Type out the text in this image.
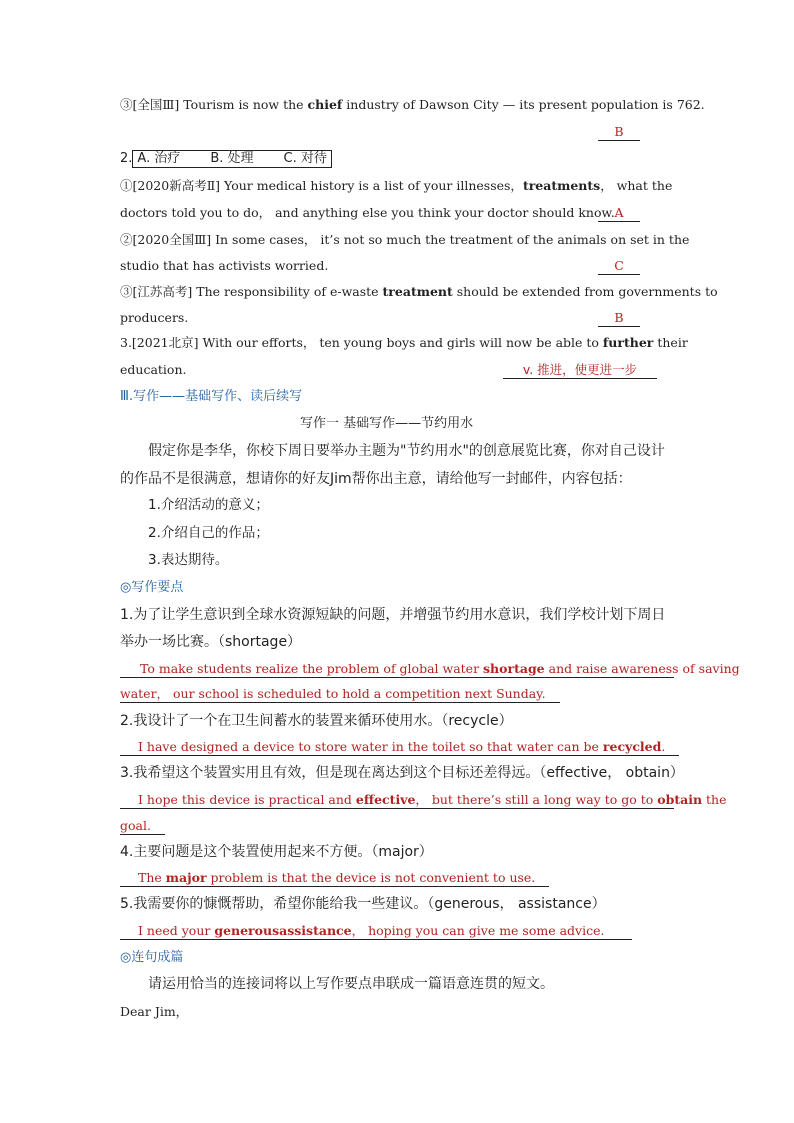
③[全国Ⅲ] Tourism is now the chief industry of Dawson City — its present population is 762.
B
2. A. 治疗 B. 处理 C. 对待
①[2020新高考Ⅱ] Your medical history is a list of your illnesses，treatments， what the
doctors told you to do， and anything else you think your doctor should know. A
②[2020全国Ⅲ] In some cases， it’s not so much the treatment of the animals on set in the
studio that has activists worried.	C
③[江苏高考] The responsibility of e-waste treatment should be extended from governments to
producers.	B
3.[2021北京] With our efforts， ten young boys and girls will now be able to further their
education.	v. 推进，使更进一步
Ⅲ.写作——基础写作、读后续写
写作一 基础写作——节约用水
假定你是李华，你校下周日要举办主题为"节约用水"的创意展览比赛，你对自己设计
的作品不是很满意，想请你的好友Jim帮你出主意，请给他写一封邮件，内容包括：
1.介绍活动的意义；
2.介绍自己的作品；
3.表达期待。
◎写作要点
1.为了让学生意识到全球水资源短缺的问题，并增强节约用水意识，我们学校计划下周日
举办一场比赛。（shortage）
To make students realize the problem of global water shortage and raise awareness of saving
water， our school is scheduled to hold a competition next Sunday.
2.我设计了一个在卫生间蓄水的装置来循环使用水。（recycle）
I have designed a device to store water in the toilet so that water can be recycled.
3.我希望这个装置实用且有效，但是现在离达到这个目标还差得远。（effective， obtain）
I hope this device is practical and effective， but there’s still a long way to go to obtain the
goal.
4.主要问题是这个装置使用起来不方便。（major）
The major problem is that the device is not convenient to use.
5.我需要你的慷慨帮助，希望你能给我一些建议。（generous， assistance）
I need your generousassistance， hoping you can give me some advice.
◎连句成篇
请运用恰当的连接词将以上写作要点串联成一篇语意连贯的短文。
Dear Jim，
